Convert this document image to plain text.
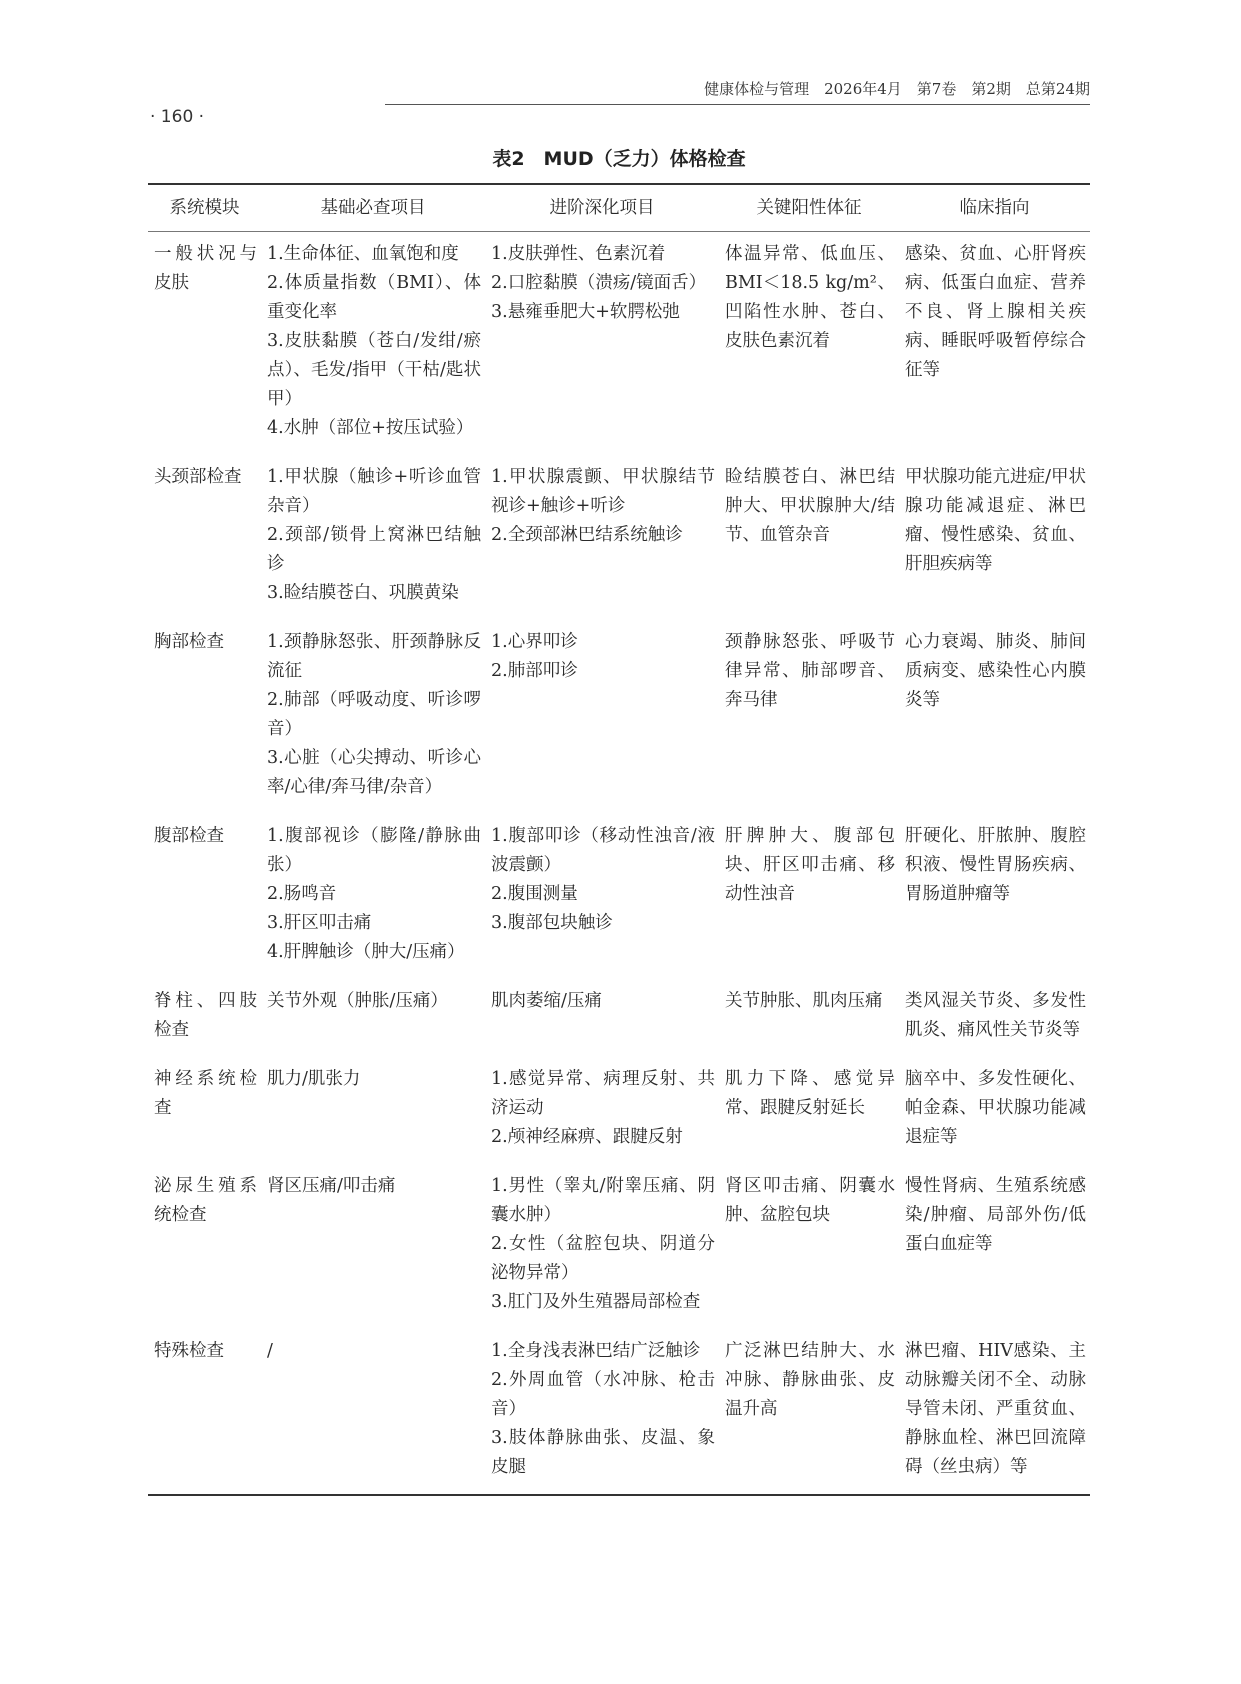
健康体检与管理　2026年4月　第7卷　第2期　总第24期
· 160 ·
表2　MUD（乏力）体格检查
系统模块	基础必查项目	进阶深化项目	关键阳性体征	临床指向
一般状况与皮肤	1.生命体征、血氧饱和度
2.体质量指数（BMI）、体重变化率
3.皮肤黏膜（苍白/发绀/瘀点）、毛发/指甲（干枯/匙状甲）
4.水肿（部位+按压试验）	1.皮肤弹性、色素沉着
2.口腔黏膜（溃疡/镜面舌）
3.悬雍垂肥大+软腭松弛	体温异常、低血压、BMI＜18.5 kg/m²、凹陷性水肿、苍白、皮肤色素沉着	感染、贫血、心肝肾疾病、低蛋白血症、营养不良、肾上腺相关疾病、睡眠呼吸暂停综合征等

头颈部检查	1.甲状腺（触诊+听诊血管杂音）
2.颈部/锁骨上窝淋巴结触诊
3.睑结膜苍白、巩膜黄染	1.甲状腺震颤、甲状腺结节视诊+触诊+听诊
2.全颈部淋巴结系统触诊	睑结膜苍白、淋巴结肿大、甲状腺肿大/结节、血管杂音	甲状腺功能亢进症/甲状腺功能减退症、淋巴瘤、慢性感染、贫血、肝胆疾病等

胸部检查	1.颈静脉怒张、肝颈静脉反流征
2.肺部（呼吸动度、听诊啰音）
3.心脏（心尖搏动、听诊心率/心律/奔马律/杂音）	1.心界叩诊
2.肺部叩诊	颈静脉怒张、呼吸节律异常、肺部啰音、奔马律	心力衰竭、肺炎、肺间质病变、感染性心内膜炎等

腹部检查	1.腹部视诊（膨隆/静脉曲张）
2.肠鸣音
3.肝区叩击痛
4.肝脾触诊（肿大/压痛）	1.腹部叩诊（移动性浊音/液波震颤）
2.腹围测量
3.腹部包块触诊	肝脾肿大、腹部包块、肝区叩击痛、移动性浊音	肝硬化、肝脓肿、腹腔积液、慢性胃肠疾病、胃肠道肿瘤等

脊柱、四肢检查	关节外观（肿胀/压痛）	肌肉萎缩/压痛	关节肿胀、肌肉压痛	类风湿关节炎、多发性肌炎、痛风性关节炎等

神经系统检查	肌力/肌张力	1.感觉异常、病理反射、共济运动
2.颅神经麻痹、跟腱反射	肌力下降、感觉异常、跟腱反射延长	脑卒中、多发性硬化、帕金森、甲状腺功能减退症等

泌尿生殖系统检查	肾区压痛/叩击痛	1.男性（睾丸/附睾压痛、阴囊水肿）
2.女性（盆腔包块、阴道分泌物异常）
3.肛门及外生殖器局部检查	肾区叩击痛、阴囊水肿、盆腔包块	慢性肾病、生殖系统感染/肿瘤、局部外伤/低蛋白血症等

特殊检查	/	1.全身浅表淋巴结广泛触诊
2.外周血管（水冲脉、枪击音）
3.肢体静脉曲张、皮温、象皮腿	广泛淋巴结肿大、水冲脉、静脉曲张、皮温升高	淋巴瘤、HIV感染、主动脉瓣关闭不全、动脉导管未闭、严重贫血、静脉血栓、淋巴回流障碍（丝虫病）等
